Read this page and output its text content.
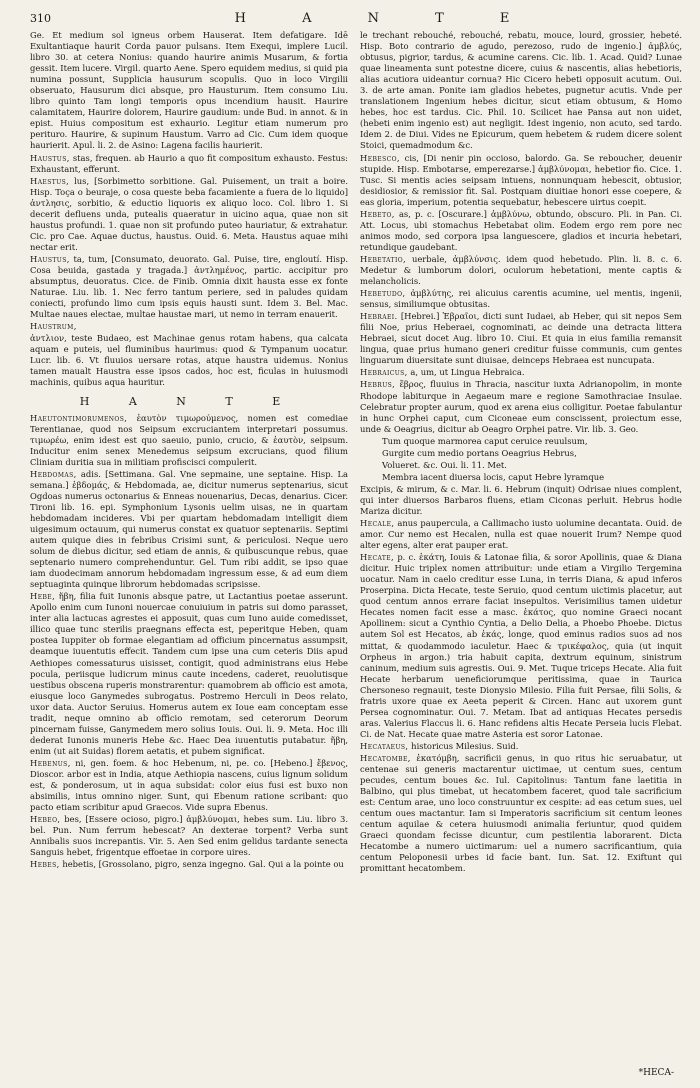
310	H A N T E

Ge. Et medium sol igneus orbem Hauserat. Item defatigare. Idē Exultantiaque haurit Corda pauor pulsans. Item Exequi, implere Lucil. libro 30. at cetera Nonius: quando haurire animis Musarum, & fortia gessit. Item lucere. Virgil. quarto Aene. Spero equidem medius, si quid pia numina possunt, Supplicia hausurum scopulis. Quo in loco Virgilii obseruato, Hausurum dici absque, pro Hausturum. Item consumo Liu. libro quinto Tam longi temporis opus incendium hausit. Haurire calamitatem, Haurire dolorem, Haurire gaudium: unde Bud. in annot. & in epist. Huius compositum est exhaurio. Legitur etiam numerum pro perituro. Haurire, & supinum Haustum. Varro ad Cic. Cum idem quoque haurierit. Apul. li. 2. de Asino: Lagena facilis haurierit.

Haustus, stas, frequen. ab Haurio a quo fit compositum exhausto. Festus: Exhaustant, efferunt.

Haestus, lus, [Sorbimetto sorbitione. Gal. Puisement, un trait a boire. Hisp. Toça o beuraje, o cosa queste beba facamiente a fuera de lo liquido] ἀντλησις, sorbitio, & eductio liquoris ex aliquo loco. Col. libro 1. Si decerit defluens unda, putealis quaeratur in uicino aqua, quae non sit haustus profundi. 1. quae non sit profundo puteo hauriatur, & extrahatur. Cic. pro Cae. Aquae ductus, haustus. Ouid. 6. Meta. Haustus aquae mihi nectar erit.

Haustus, ta, tum, [Consumato, deuorato. Gal. Puise, tire, engloutí. Hisp. Cosa beuida, gastada y tragada.] ἀντλημένος, partic. accipitur pro absumptus, deuoratus. Cice. de Finib. Omnia dixit hausta esse ex fonte Naturae. Liu. lib. 1. Nec ferro tantum periere, sed in paludes quidam coniecti, profundo limo cum ipsis equis hausti sunt. Idem 3. Bel. Mac. Multae naues electae, multae haustae mari, ut nemo in terram enauerit.

Haustrum,

ἀντλιον, teste Budaeo, est Machinae genus rotam habens, qua calcata aquam e puteis, uel fluminibus haurimus: quod & Tympanum uocatur. Lucr. lib. 6. Vt fluuios uersare rotas, atque haustra uidemus. Nonius tamen maualt Haustra esse ipsos cados, hoc est, ficulas in huiusmodi machinis, quibus aqua hauritur.

H A N T E

Haeutontimorumenos, ἑαυτὸν τιμωρούμενος, nomen est comediae Terentianae, quod nos Seipsum excruciantem interpretari possumus. τιμωρέω, enim idest est quo saeuio, punio, crucio, & ἑαυτὸν, seipsum. Inducitur enim senex Menedemus seipsum excrucians, quod filium Cliniam duritia sua in militiam profiscisci compulerit.

Hebdomas, adis. [Settimana. Gal. Vne sepmaine, une septaine. Hisp. La semana.] ἑβδομάς, & Hebdomada, ae, dicitur numerus septenarius, sicut Ogdoas numerus octonarius & Enneas nouenarius, Decas, denarius. Cicer. Tironi lib. 16. epi. Symphonium Lysonis uelim uisas, ne in quartam hebdomadam incideres. Vbi per quartam hebdomadam intelligit diem uigesimum octauum, qui numerus constat ex quatuor septenariis. Septimi autem quique dies in febribus Crisimi sunt, & periculosi. Neque uero solum de diebus dicitur, sed etiam de annis, & quibuscunque rebus, quae septenario numero comprehenduntur. Gel. Tum ribi addit, se ipso quae iam duodecimam annorum hebdomadam ingressum esse, & ad eum diem septuaginta quinque librorum hebdomadas scripsisse.

Hebe, ἥβη, filia fuit Iunonis absque patre, ut Lactantius poetae asserunt. Apollo enim cum Iunoni nouercae conuiuium in patris sui domo parasset, inter alia lactucas agrestes ei apposuit, quas cum Iuno auide comedisset, illico quae tunc sterilis praegnans effecta est, peperitque Heben, quam postea Iuppiter ob formae elegantiam ad officium pincernatus assumpsit, deamque iuuentutis effecit. Tandem cum ipse una cum ceteris Diis apud Aethiopes comessaturus uisisset, contigit, quod administrans eius Hebe pocula, periisque ludicrum minus caute incedens, caderet, reuolutisque uestibus obscena ruperis monstrarentur: quamobrem ab officio est amota, eiusque loco Ganymedes subrogatus. Postremo Herculi in Deos relato, uxor data. Auctor Seruius. Homerus autem ex Ioue eam conceptam esse tradit, neque omnino ab officio remotam, sed ceterorum Deorum pincernam fuisse, Ganymedem mero solius Iouis. Oui. li. 9. Meta. Hoc illi dederat Iunonis muneris Hebe &c. Haec Dea iuuentutis putabatur. ἥβη, enim (ut ait Suidas) florem aetatis, et pubem significat.

Hebenus, ni, gen. foem. & hoc Hebenum, ni, pe. co. [Hebeno.] ἔβενος, Dioscor. arbor est in India, atque Aethiopia nascens, cuius lignum solidum est, & ponderosum, ut in aqua subsidat: color eius fusi est buxo non absimilis, intus omnino niger. Sunt, qui Ebenum ratione scribant: quo pacto etiam scribitur apud Graecos. Vide supra Ebenus.

Hebeo, bes, [Essere ocioso, pigro.] ἀμβλύνομαι, hebes sum. Liu. libro 3. bel. Pun. Num ferrum hebescat? An dexterae torpent? Verba sunt Annibalis suos increpantis. Vir. 5. Aen Sed enim gelidus tardante senecta Sanguis hebet, frigentque effoetae in corpore uires.

Hebes, hebetis, [Grossolano, pigro, senza ingegno. Gal. Qui a la pointe ou

le trechant rebouché, rebouché, rebatu, mouce, lourd, grossier, hebeté. Hisp. Boto contrario de agudo, perezoso, rudo de ingenio.] ἀμβλύς, obtusus, pigrior, tardus, & acumine carens. Cic. lib. 1. Acad. Quid? Lunae quae lineamenta sunt potestne dicere, cuius & nascentis, alias hebetioris, alias acutiora uideantur cornua? Hic Cicero hebeti opposuit acutum. Oui. 3. de arte aman. Ponite iam gladios hebetes, pugnetur acutis. Vnde per translationem Ingenium hebes dicitur, sicut etiam obtusum, & Homo hebes, hoc est tardus. Cic. Phil. 10. Scilicet hae Pansa aut non uidet, (hebeti enim ingenio est) aut negligit. Idest ingenio, non acuto, sed tardo. Idem 2. de Diui. Vides ne Epicurum, quem hebetem & rudem dicere solent Stoici, quemadmodum &c.

Hebesco, cis, [Di nenir pin occioso, balordo. Ga. Se reboucher, deuenir stupide. Hisp. Embotarse, emperezarse.] ἀμβλύνομαι, hebetior fio. Cice. 1. Tusc. Si mentis acies seipsam intuens, nonnunquam hebescit, obtusior, desidiosior, & remissior fit. Sal. Postquam diuitiae honori esse coepere, & eas gloria, imperium, potentia sequebatur, hebescere uirtus coepit.

Hebeto, as, p. c. [Oscurare.] ἀμβλύνω, obtundo, obscuro. Pli. in Pan. Ci. Att. Locus, ubi stomachus Hebetabat olim. Eodem ergo rem pore nec animos modo, sed corpora ipsa languescere, gladios et incuria hebetari, retundique gaudebant.

Hebetatio, uerbale, ἀμβλύνσις. idem quod hebetudo. Plin. li. 8. c. 6. Medetur & lumborum dolori, oculorum hebetationi, mente captis & melancholicis.

Hebetudo, ἀμβλύτης, rei alicuius carentis acumine, uel mentis, ingenii, sensus, similiumque obtusitas.

Hebraei. [Hebrei.] Ἑβραῖοι, dicti sunt Iudaei, ab Heber, qui sit nepos Sem filii Noe, prius Heberaei, cognominati, ac deinde una detracta littera Hebraei, sicut docet Aug. libro 10. Ciui. Et quia in eius familia remansit lingua, quae prius humano generi creditur fuisse communis, cum gentes linguarum diuersitate sunt diuisae, deinceps Hebraea est nuncupata.

Hebraicus, a, um, ut Lingua Hebraica.

Hebrus, ἕβρος, fluuius in Thracia, nascitur iuxta Adrianopolim, in monte Rhodope labiturque in Aegaeum mare e regione Samothraciae Insulae. Celebratur propter aurum, quod ex arena eius colligitur. Poetae fabulantur in hunc Orphei caput, cum Ciconeae eum conscissent, proiectum esse, unde & Oeagrius, dicitur ab Oeagro Orphei patre. Vir. lib. 3. Geo.

Tum quoque marmorea caput ceruice reuulsum,

Gurgite cum medio portans Oeagrius Hebrus,

Volueret. &c. Oui. li. 11. Met.

Membra iacent diuersa locis, caput Hebre lyramque

Excipis, & mirum, & c. Mar. li. 6. Hebrum (inquit) Odrisae niues complent, qui inter diuersos Barbaros fluens, etiam Ciconas perluit. Hebrus hodie Mariza dicitur.

Hecale, anus paupercula, a Callimacho iusto uolumine decantata. Ouid. de amor. Cur nemo est Hecalen, nulla est quae nouerit Irum? Nempe quod alter egens, alter erat pauper erat.

Hecate, p. c. ἑκάτη, Iouis & Latonae filia, & soror Apollinis, quae & Diana dicitur. Huic triplex nomen attribuitur: unde etiam a Virgilio Tergemina uocatur. Nam in caelo creditur esse Luna, in terris Diana, & apud inferos Proserpina. Dicta Hecate, teste Seruio, quod centum uictimis placetur, aut quod centum annos errare faciat insepultos. Verisimilius tamen uidetur Hecates nomen facit esse a masc. ἑκάτος, quo nomine Graeci nocant Apollinem: sicut a Cynthio Cyntia, a Delio Delia, a Phoebo Phoebe. Dictus autem Sol est Hecatos, ab ἑκάς, longe, quod eminus radios suos ad nos mittat, & quodammodo iaculetur. Haec & τρικέφαλος, quia (ut inquit Orpheus in argon.) tria habuit capita, dextrum equinum, sinistrum caninum, medium suis agrestis. Oui. 9. Met. Tuque triceps Hecate. Alia fuit Hecate herbarum ueneficiorumque peritissima, quae in Taurica Chersoneso regnauit, teste Dionysio Milesio. Filia fuit Persae, filii Solis, & fratris uxore quae ex Aeeta peperit & Circen. Hanc aut uxorem gunt Persea cognominatur. Oui. 7. Metam. Ibat ad antiquas Hecates persedis aras. Valerius Flaccus li. 6. Hanc refidens altis Hecate Perseia lucis Flebat. Ci. de Nat. Hecate quae matre Asteria est soror Latonae.

Hecataeus, historicus Milesius. Suid.

Hecatombe, ἑκατόμβη, sacrificii genus, in quo ritus hic seruabatur, ut centenae sui generis mactarentur uictimae, ut centum sues, centum pecudes, centum boues &c. Iul. Capitolinus: Tantum fane laetitia in Balbino, qui plus timebat, ut hecatombem faceret, quod tale sacrificium est: Centum arae, uno loco construuntur ex cespite: ad eas cetum sues, uel centum oues mactantur. Iam si Imperatoris sacrificium sit centum leones centum aquilae & cetera huiusmodi animalia feriuntur, quod quidem Graeci quondam fecisse dicuntur, cum pestilentia laborarent. Dicta Hecatombe a numero uictimarum: uel a numero sacrificantium, quia centum Peloponesii urbes id facie bant. Iun. Sat. 12. Exiftunt qui promittant hecatombem.

*HECA-
